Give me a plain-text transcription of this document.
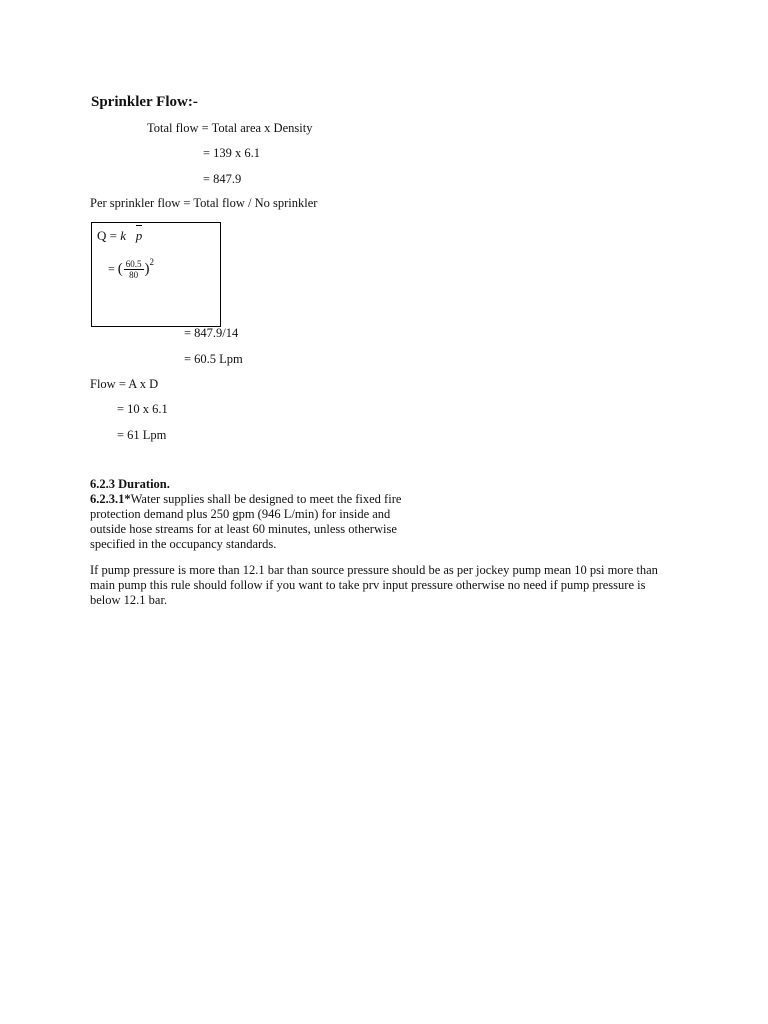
Sprinkler Flow:-
Total flow = Total area x Density
= 139 x 6.1
= 847.9
Per sprinkler flow = Total flow / No sprinkler
Q = k p
= ( $\frac{60.5}{80} )^2$
= 847.9/14
= 60.5 Lpm
Flow = A x D
= 10 x 6.1
= 61 Lpm
6.2.3 Duration.
6.2.3.1*Water supplies shall be designed to meet the fixed fire protection demand plus 250 gpm (946 L/min) for inside and outside hose streams for at least 60 minutes, unless otherwise specified in the occupancy standards.
If pump pressure is more than 12.1 bar than source pressure should be as per jockey pump mean 10 psi more than main pump this rule should follow if you want to take prv input pressure otherwise no need if pump pressure is below 12.1 bar.
